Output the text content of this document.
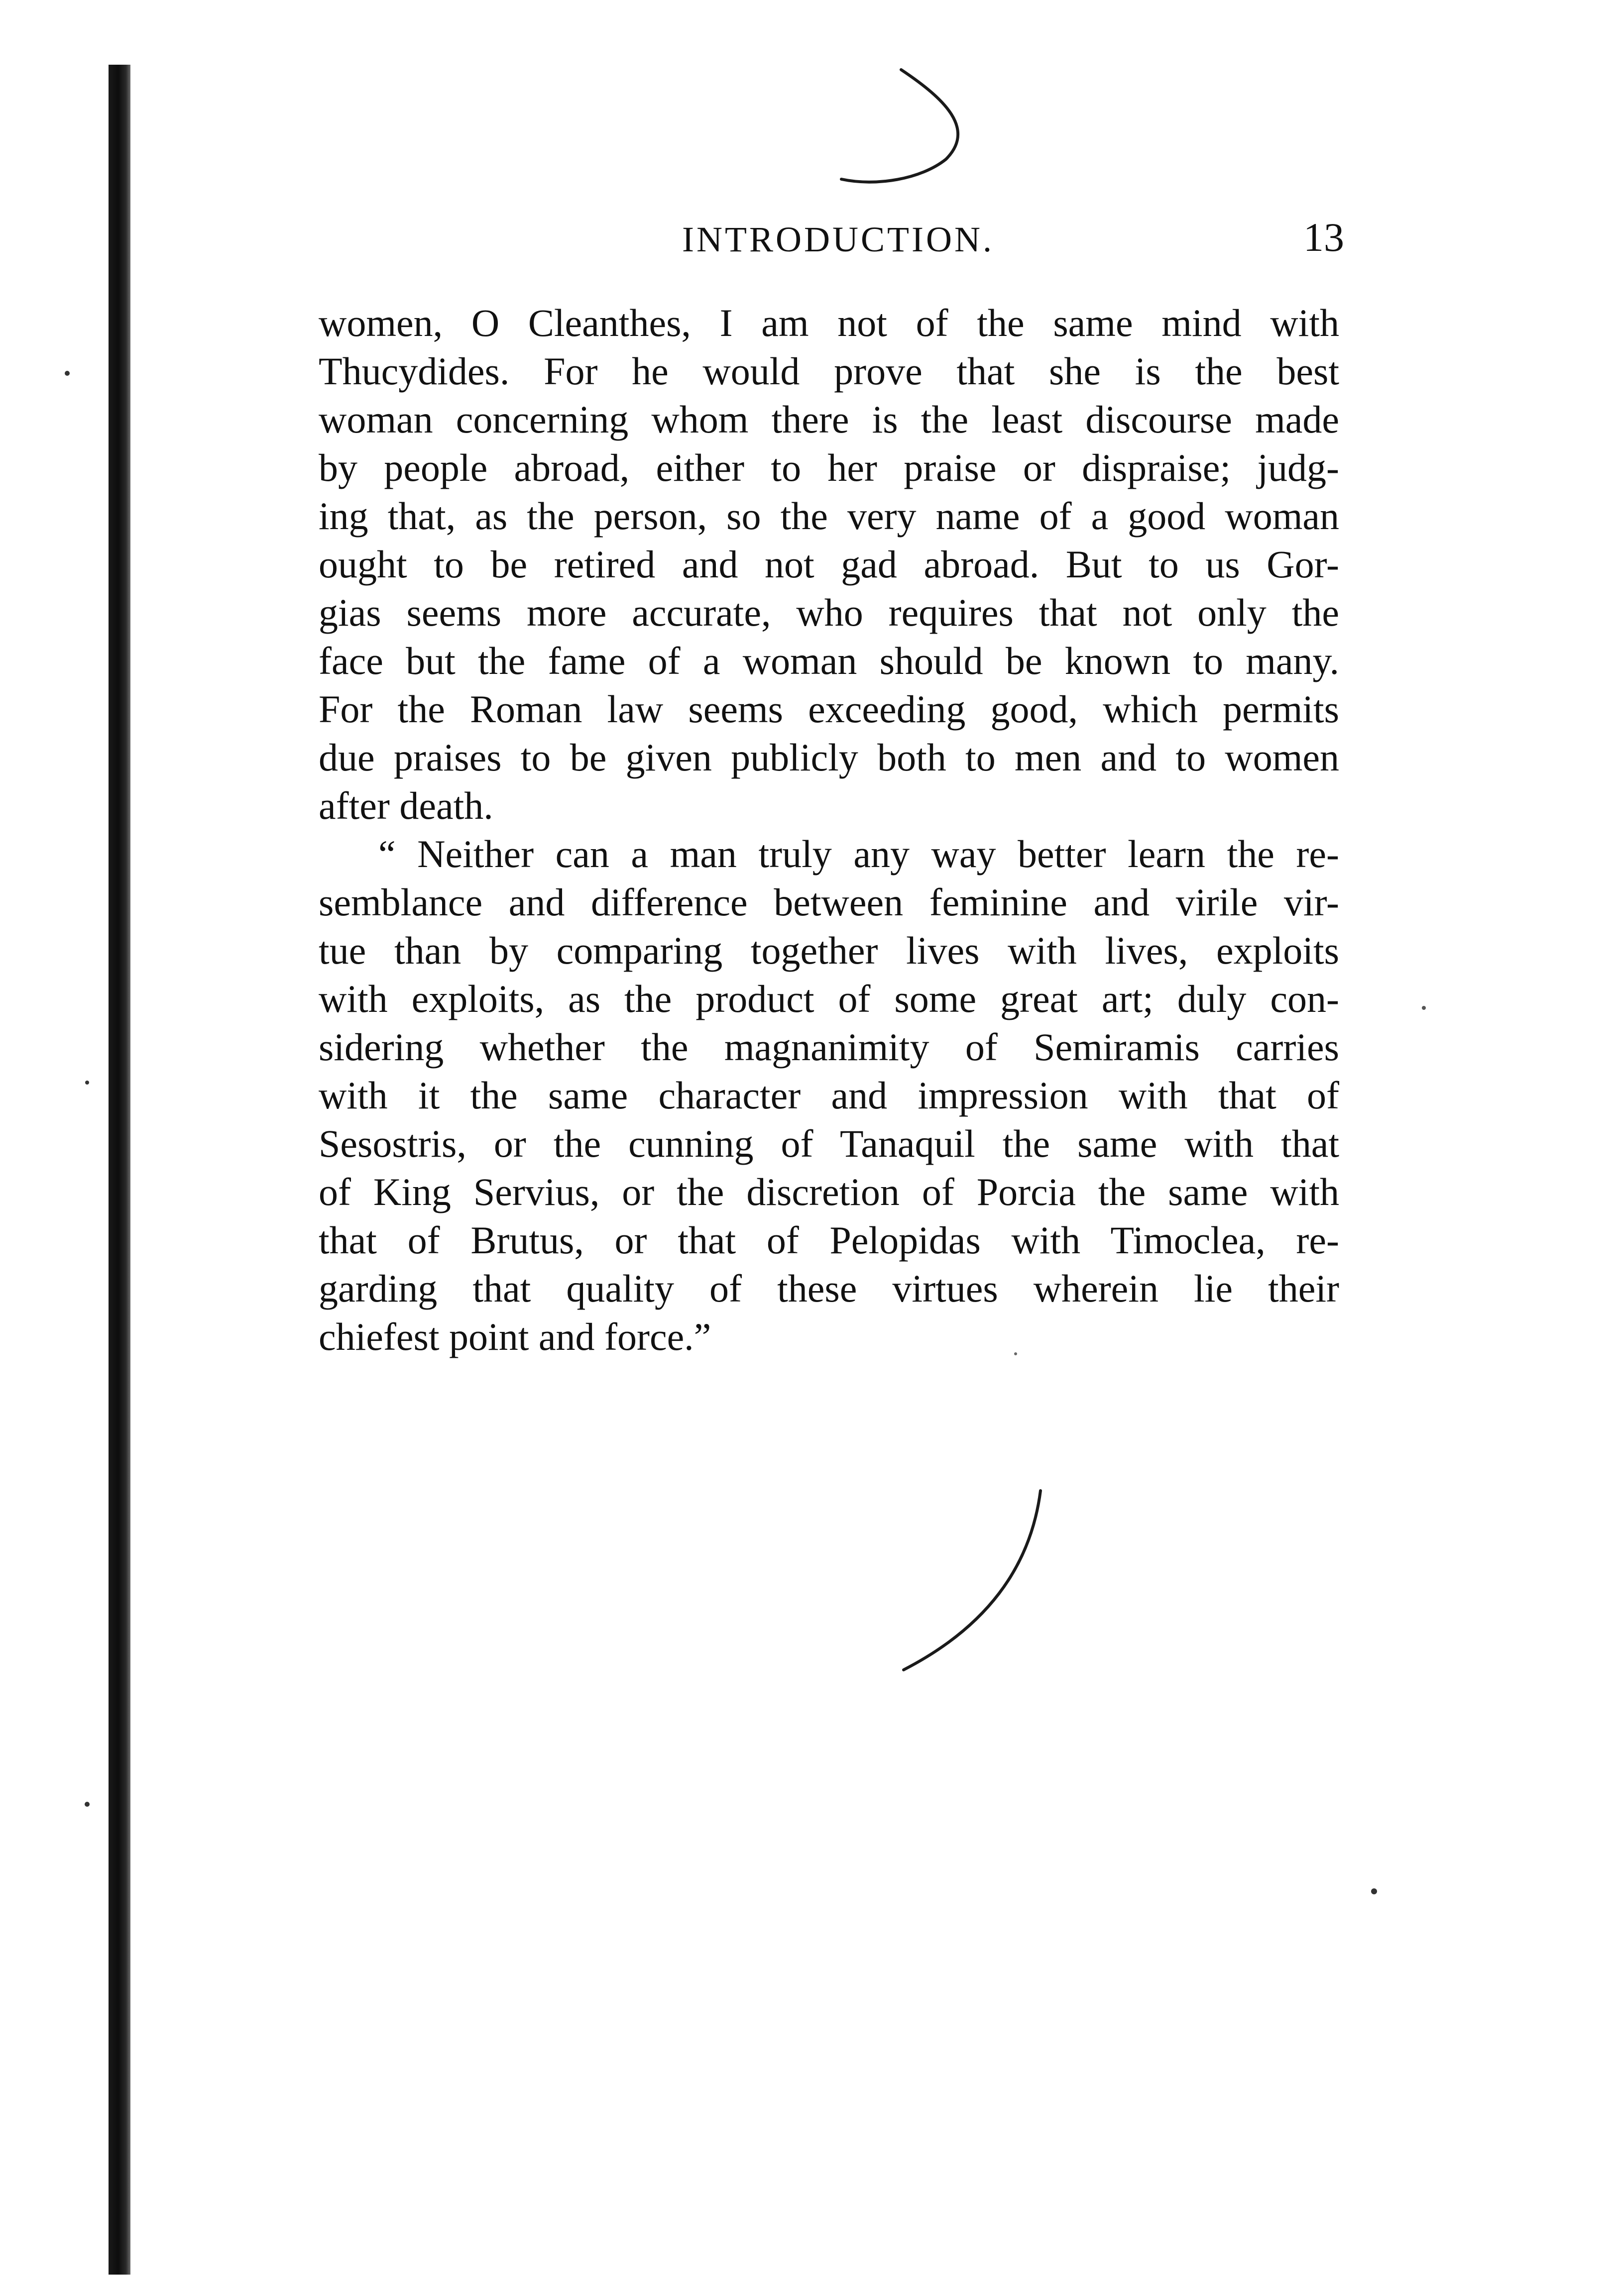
INTRODUCTION.	13
women, O Cleanthes, I am not of the same mind with
Thucydides. For he would prove that she is the best
woman concerning whom there is the least discourse made
by people abroad, either to her praise or dispraise; judg-
ing that, as the person, so the very name of a good woman
ought to be retired and not gad abroad. But to us Gor-
gias seems more accurate, who requires that not only the
face but the fame of a woman should be known to many.
For the Roman law seems exceeding good, which permits
due praises to be given publicly both to men and to women
after death.
“ Neither can a man truly any way better learn the re-
semblance and difference between feminine and virile vir-
tue than by comparing together lives with lives, exploits
with exploits, as the product of some great art; duly con-
sidering whether the magnanimity of Semiramis carries
with it the same character and impression with that of
Sesostris, or the cunning of Tanaquil the same with that
of King Servius, or the discretion of Porcia the same with
that of Brutus, or that of Pelopidas with Timoclea, re-
garding that quality of these virtues wherein lie their
chiefest point and force.”
